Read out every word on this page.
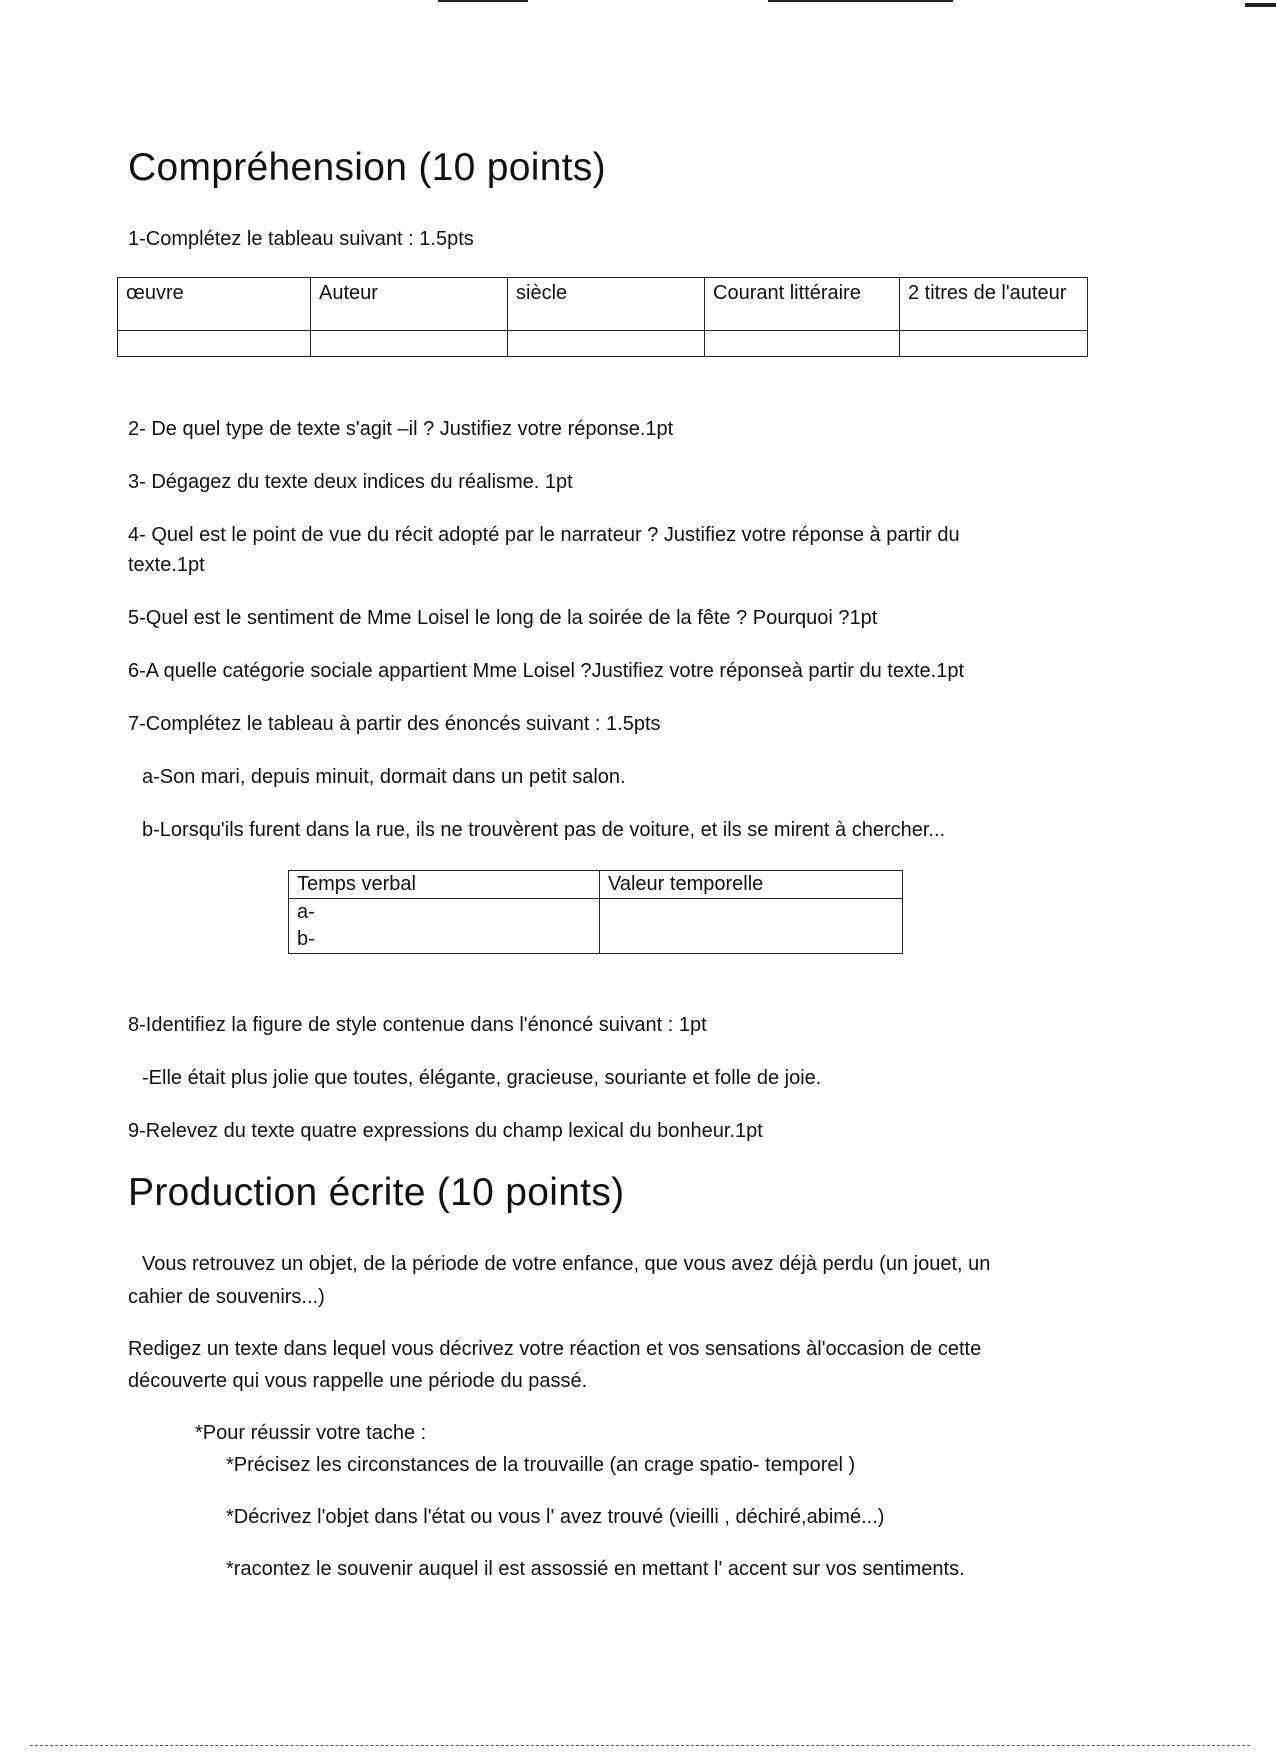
Compréhension (10 points)

1-Complétez le tableau suivant : 1.5pts

œuvre	Auteur	siècle	Courant littéraire	2 titres de l'auteur

2- De quel type de texte s'agit –il ? Justifiez votre réponse.1pt

3- Dégagez du texte deux indices du réalisme. 1pt

4- Quel est le point de vue du récit adopté par le narrateur ? Justifiez votre réponse à partir du

texte.1pt

5-Quel est le sentiment de Mme Loisel le long de la soirée de la fête ? Pourquoi ?1pt

6-A quelle catégorie sociale appartient Mme Loisel ?Justifiez votre réponseà partir du texte.1pt

7-Complétez le tableau à partir des énoncés suivant : 1.5pts

a-Son mari, depuis minuit, dormait dans un petit salon.

b-Lorsqu'ils furent dans la rue, ils ne trouvèrent pas de voiture, et ils se mirent à chercher...

Temps verbal	Valeur temporelle

a-
b-	

8-Identifiez la figure de style contenue dans l'énoncé suivant : 1pt

-Elle était plus jolie que toutes, élégante, gracieuse, souriante et folle de joie.

9-Relevez du texte quatre expressions du champ lexical du bonheur.1pt

Production écrite (10 points)

Vous retrouvez un objet, de la période de votre enfance, que vous avez déjà perdu (un jouet, un

cahier de souvenirs...)

Redigez un texte dans lequel vous décrivez votre réaction et vos sensations àl'occasion de cette

découverte qui vous rappelle une période du passé.

*Pour réussir votre tache :

*Précisez les circonstances de la trouvaille (an crage spatio- temporel )

*Décrivez l'objet dans l'état ou vous l' avez trouvé (vieilli , déchiré,abimé...)

*racontez le souvenir auquel il est assossié en mettant l' accent sur vos sentiments.
